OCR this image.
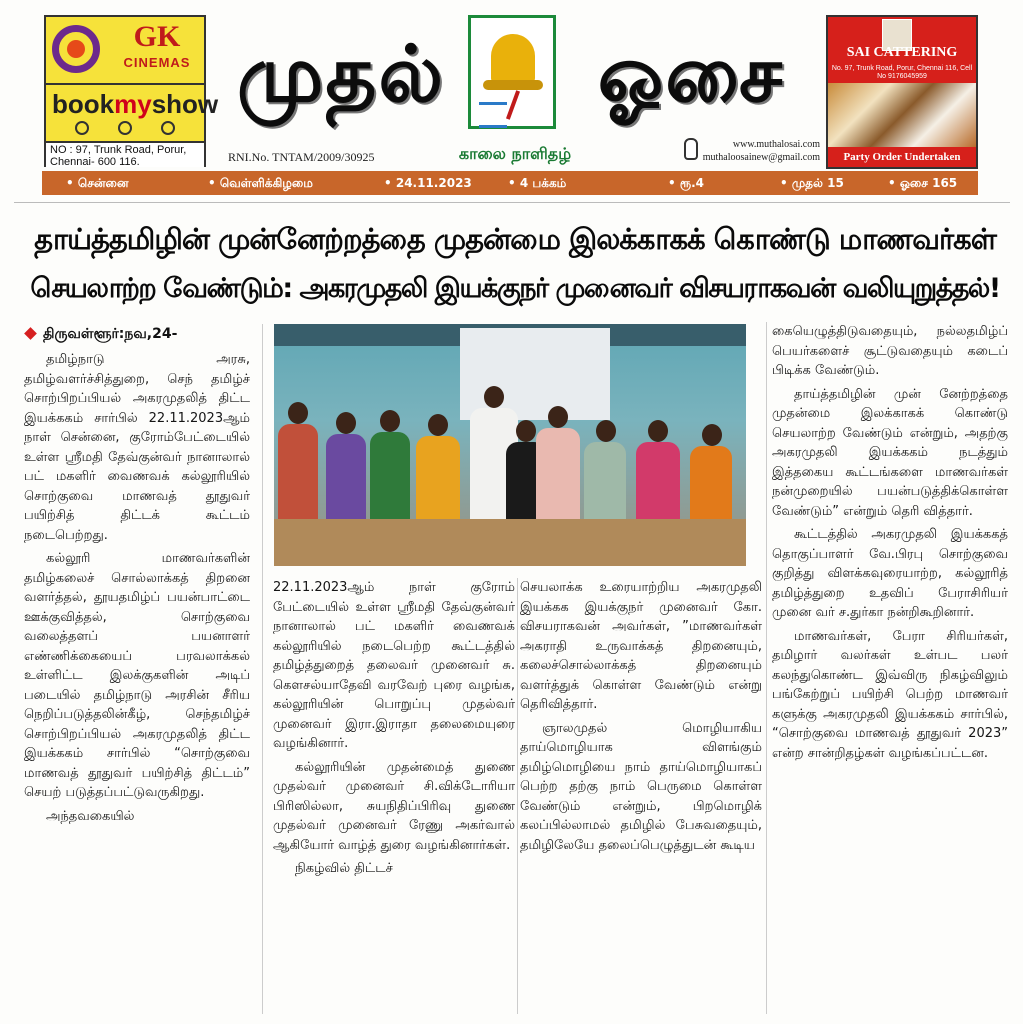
GK
CINEMAS
bookmyshow
NO : 97, Trunk Road, Porur, Chennai- 600 116.
முதல்	ஓசை
RNI.No. TNTAM/2009/30925	காலை நாளிதழ்	www.muthalosai.com
muthaloosainew@gmail.com
SAI CATTERING
No. 97, Trunk Road, Porur, Chennai 116, Cell No 9176045959
Party Order Undertaken
• சென்னை	• வெள்ளிக்கிழமை	• 24.11.2023	• 4 பக்கம்	• ரூ.4	• முதல் 15	• ஓசை 165
தாய்த்தமிழின் முன்னேற்றத்தை முதன்மை இலக்காகக் கொண்டு மாணவர்கள்
செயலாற்ற வேண்டும்: அகரமுதலி இயக்குநர் முனைவர் விசயராகவன் வலியுறுத்தல்!
திருவள்ளூர்:நவ,24-

தமிழ்நாடு அரசு, தமிழ்வளர்ச்சித்துறை, செந் தமிழ்ச் சொற்பிறப்பியல் அகரமுதலித் திட்ட இயக்ககம் சார்பில் 22.11.2023ஆம் நாள் சென்னை, குரோம்பேட்டையில் உள்ள ஸ்ரீமதி தேவ்குன்வர் நானாலால் பட் மகளிர் வைணவக் கல்லூரியில் சொற்குவை மாணவத் தூதுவர் பயிற்சித் திட்டக் கூட்டம் நடைபெற்றது.

கல்லூரி மாணவர்களின் தமிழ்கலைச் சொல்லாக்கத் திறனை வளர்த்தல், தூயதமிழ்ப் பயன்பாட்டை ஊக்குவித்தல், சொற்குவை வலைத்தளப் பயனாளர் எண்ணிக்கையைப் பரவலாக்கல் உள்ளிட்ட இலக்குகளின் அடிப் படையில் தமிழ்நாடு அரசின் சீரிய நெறிப்படுத்தலின்கீழ், செந்தமிழ்ச் சொற்பிறப்பியல் அகரமுதலித் திட்ட இயக்ககம் சார்பில் “சொற்குவை மாணவத் தூதுவர் பயிற்சித் திட்டம்” செயற் படுத்தப்பட்டுவருகிறது.

அந்தவகையில்

22.11.2023ஆம் நாள் குரோம் பேட்டையில் உள்ள ஸ்ரீமதி தேவ்குன்வர் நானாலால் பட் மகளிர் வைணவக் கல்லூரியில் நடைபெற்ற கூட்டத்தில் தமிழ்த்துறைத் தலைவர் முனைவர் சு. கௌசல்யாதேவி வரவேற் புரை வழங்க, கல்லூரியின் பொறுப்பு முதல்வர் முனைவர் இரா.இராதா தலைமையுரை வழங்கினார்.

கல்லூரியின் முதன்மைத் துணை முதல்வர் முனைவர் சி.விக்டோரியா பிரிஸில்லா, சுயநிதிப்பிரிவு துணை முதல்வர் முனைவர் ரேணு அகர்வால் ஆகியோர் வாழ்த் துரை வழங்கினார்கள்.

நிகழ்வில் திட்டச்

செயலாக்க உரையாற்றிய அகரமுதலி இயக்கக இயக்குநர் முனைவர் கோ. விசயராகவன் அவர்கள், ”மாணவர்கள் அகராதி உருவாக்கத் திறனையும், கலைச்சொல்லாக்கத் திறனையும் வளர்த்துக் கொள்ள வேண்டும் என்று தெரிவித்தார்.

ஞாலமுதல் மொழியாகிய தாய்மொழியாக விளங்கும் தமிழ்மொழியை நாம் தாய்மொழியாகப் பெற்ற தற்கு நாம் பெருமை கொள்ள வேண்டும் என்றும், பிறமொழிக் கலப்பில்லாமல் தமிழில் பேசுவதையும், தமிழிலேயே தலைப்பெழுத்துடன் கூடிய

கையெழுத்திடுவதையும், நல்லதமிழ்ப் பெயர்களைச் சூட்டுவதையும் கடைப் பிடிக்க வேண்டும்.

தாய்த்தமிழின் முன் னேற்றத்தை முதன்மை இலக்காகக் கொண்டு செயலாற்ற வேண்டும் என்றும், அதற்கு அகரமுதலி இயக்ககம் நடத்தும் இத்தகைய கூட்டங்களை மாணவர்கள் நன்முறையில் பயன்படுத்திக்கொள்ள வேண்டும்” என்றும் தெரி வித்தார்.

கூட்டத்தில் அகரமுதலி இயக்ககத் தொகுப்பாளர் வே.பிரபு சொற்குவை குறித்து விளக்கவுரையாற்ற, கல்லூரித் தமிழ்த்துறை உதவிப் பேராசிரியர் முனை வர் ச.துர்கா நன்றிகூறினார்.

மாணவர்கள், பேரா சிரியர்கள், தமிழார் வலர்கள் உள்பட பலர் கலந்துகொண்ட இவ்விரு நிகழ்விலும் பங்கேற்றுப் பயிற்சி பெற்ற மாணவர் களுக்கு அகரமுதலி இயக்ககம் சார்பில், “சொற்குவை மாணவத் தூதுவர் 2023” என்ற சான்றிதழ்கள் வழங்கப்பட்டன.
